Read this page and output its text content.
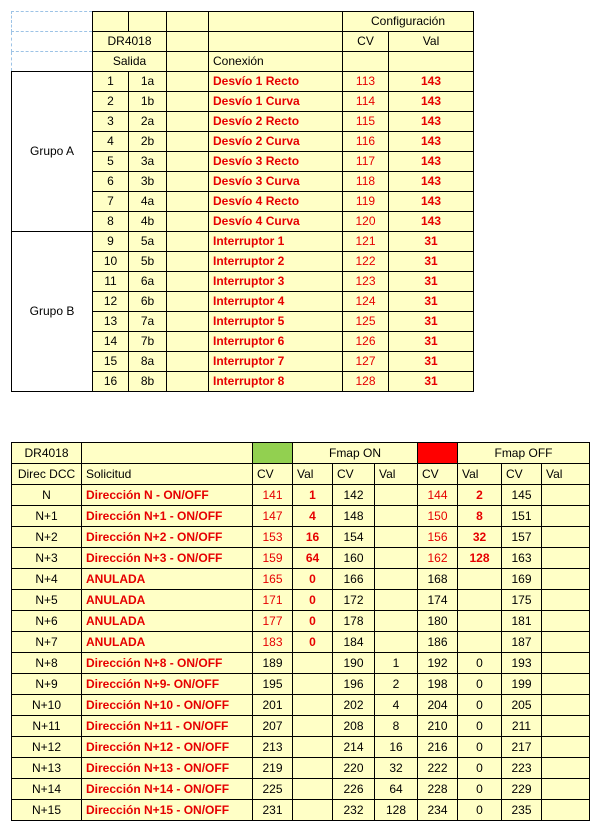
					Configuración	
	DR4018				CV	Val
	Salida			Conexión		
Grupo A	1	1a		Desvío 1 Recto	113	143
	2	1b		Desvío 1 Curva	114	143
	3	2a		Desvío 2 Recto	115	143
	4	2b		Desvío 2 Curva	116	143
	5	3a		Desvío 3 Recto	117	143
	6	3b		Desvío 3 Curva	118	143
	7	4a		Desvío 4 Recto	119	143
	8	4b		Desvío 4 Curva	120	143
Grupo B	9	5a		Interruptor 1	121	31
	10	5b		Interruptor 2	122	31
	11	6a		Interruptor 3	123	31
	12	6b		Interruptor 4	124	31
	13	7a		Interruptor 5	125	31
	14	7b		Interruptor 6	126	31
	15	8a		Interruptor 7	127	31
	16	8b		Interruptor 8	128	31
DR4018			Fmap ON				Fmap OFF		
Direc DCC	Solicitud	CV	Val	CV	Val	CV	Val	CV	Val
N	Dirección N - ON/OFF	141	1	142		144	2	145	
N+1	Dirección N+1 - ON/OFF	147	4	148		150	8	151	
N+2	Dirección N+2 - ON/OFF	153	16	154		156	32	157	
N+3	Dirección N+3 - ON/OFF	159	64	160		162	128	163	
N+4	ANULADA	165	0	166		168		169	
N+5	ANULADA	171	0	172		174		175	
N+6	ANULADA	177	0	178		180		181	
N+7	ANULADA	183	0	184		186		187	
N+8	Dirección N+8 - ON/OFF	189		190	1	192	0	193	
N+9	Dirección N+9- ON/OFF	195		196	2	198	0	199	
N+10	Dirección N+10 - ON/OFF	201		202	4	204	0	205	
N+11	Dirección N+11 - ON/OFF	207		208	8	210	0	211	
N+12	Dirección N+12 - ON/OFF	213		214	16	216	0	217	
N+13	Dirección N+13 - ON/OFF	219		220	32	222	0	223	
N+14	Dirección N+14 - ON/OFF	225		226	64	228	0	229	
N+15	Dirección N+15 - ON/OFF	231		232	128	234	0	235	
